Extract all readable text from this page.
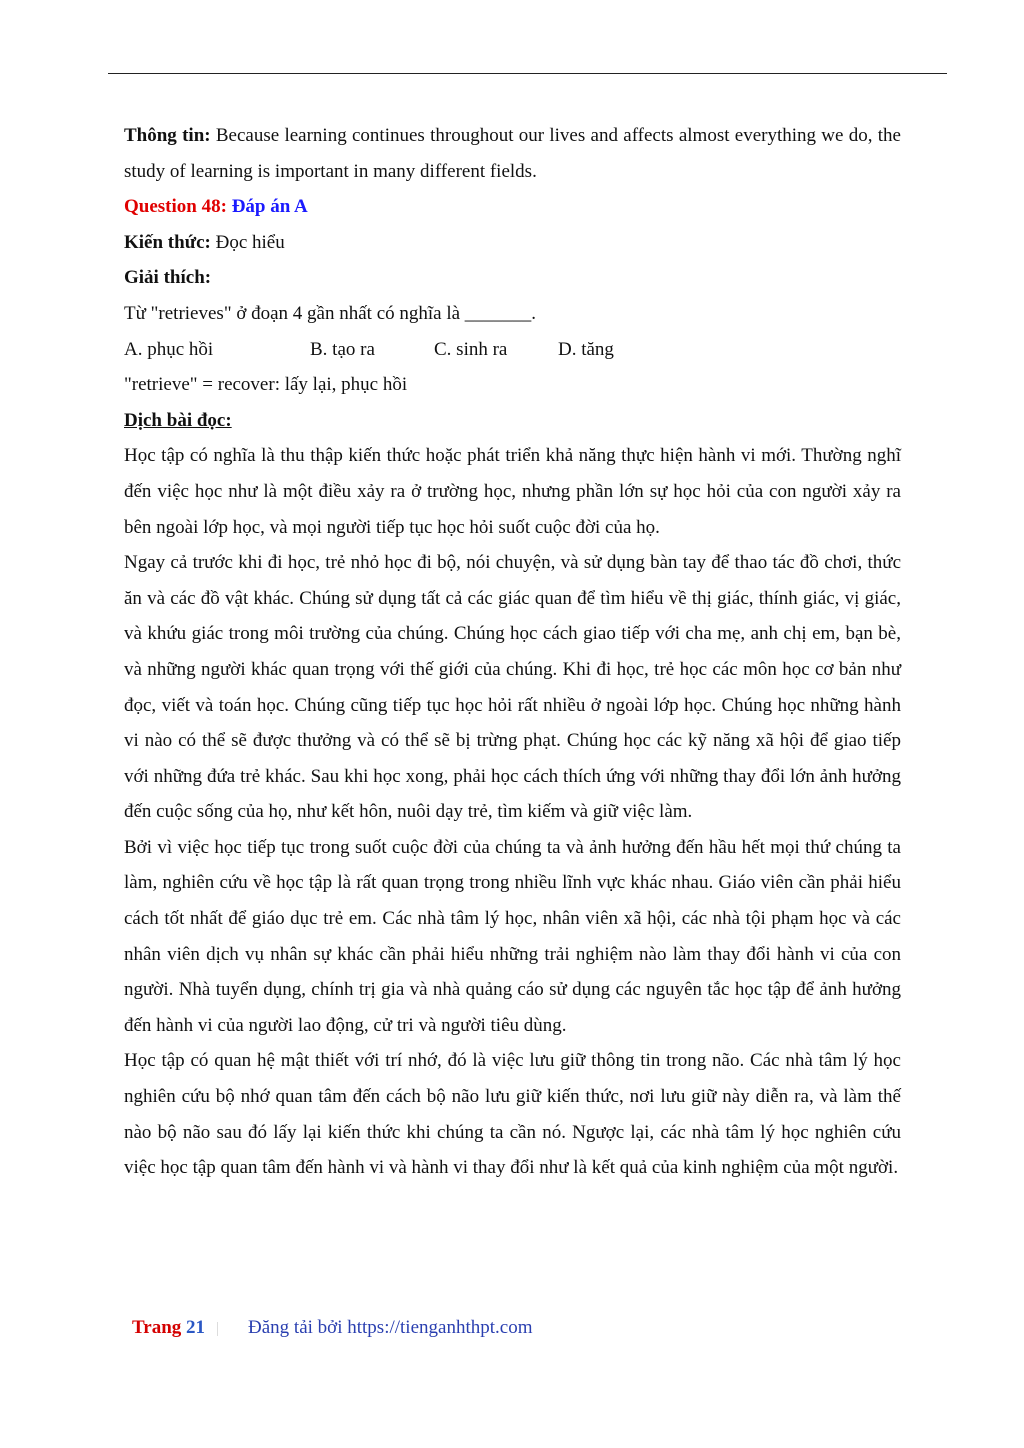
Thông tin: Because learning continues throughout our lives and affects almost everything we do, the study of learning is important in many different fields.

Question 48: Đáp án A

Kiến thức: Đọc hiểu

Giải thích:

Từ "retrieves" ở đoạn 4 gần nhất có nghĩa là _______.

A. phục hồi	B. tạo ra	C. sinh ra	D. tăng

"retrieve" = recover: lấy lại, phục hồi

Dịch bài đọc:

Học tập có nghĩa là thu thập kiến thức hoặc phát triển khả năng thực hiện hành vi mới. Thường nghĩ đến việc học như là một điều xảy ra ở trường học, nhưng phần lớn sự học hỏi của con người xảy ra bên ngoài lớp học, và mọi người tiếp tục học hỏi suốt cuộc đời của họ.

Ngay cả trước khi đi học, trẻ nhỏ học đi bộ, nói chuyện, và sử dụng bàn tay để thao tác đồ chơi, thức ăn và các đồ vật khác. Chúng sử dụng tất cả các giác quan để tìm hiểu về thị giác, thính giác, vị giác, và khứu giác trong môi trường của chúng. Chúng học cách giao tiếp với cha mẹ, anh chị em, bạn bè, và những người khác quan trọng với thế giới của chúng. Khi đi học, trẻ học các môn học cơ bản như đọc, viết và toán học. Chúng cũng tiếp tục học hỏi rất nhiều ở ngoài lớp học. Chúng học những hành vi nào có thể sẽ được thưởng và có thể sẽ bị trừng phạt. Chúng học các kỹ năng xã hội để giao tiếp với những đứa trẻ khác. Sau khi học xong, phải học cách thích ứng với những thay đổi lớn ảnh hưởng đến cuộc sống của họ, như kết hôn, nuôi dạy trẻ, tìm kiếm và giữ việc làm.

Bởi vì việc học tiếp tục trong suốt cuộc đời của chúng ta và ảnh hưởng đến hầu hết mọi thứ chúng ta làm, nghiên cứu về học tập là rất quan trọng trong nhiều lĩnh vực khác nhau. Giáo viên cần phải hiểu cách tốt nhất để giáo dục trẻ em. Các nhà tâm lý học, nhân viên xã hội, các nhà tội phạm học và các nhân viên dịch vụ nhân sự khác cần phải hiểu những trải nghiệm nào làm thay đổi hành vi của con người. Nhà tuyển dụng, chính trị gia và nhà quảng cáo sử dụng các nguyên tắc học tập để ảnh hưởng đến hành vi của người lao động, cử tri và người tiêu dùng.

Học tập có quan hệ mật thiết với trí nhớ, đó là việc lưu giữ thông tin trong não. Các nhà tâm lý học nghiên cứu bộ nhớ quan tâm đến cách bộ não lưu giữ kiến thức, nơi lưu giữ này diễn ra, và làm thế nào bộ não sau đó lấy lại kiến thức khi chúng ta cần nó. Ngược lại, các nhà tâm lý học nghiên cứu việc học tập quan tâm đến hành vi và hành vi thay đổi như là kết quả của kinh nghiệm của một người.

Trang 21 Đăng tải bởi https://tienganhthpt.com
